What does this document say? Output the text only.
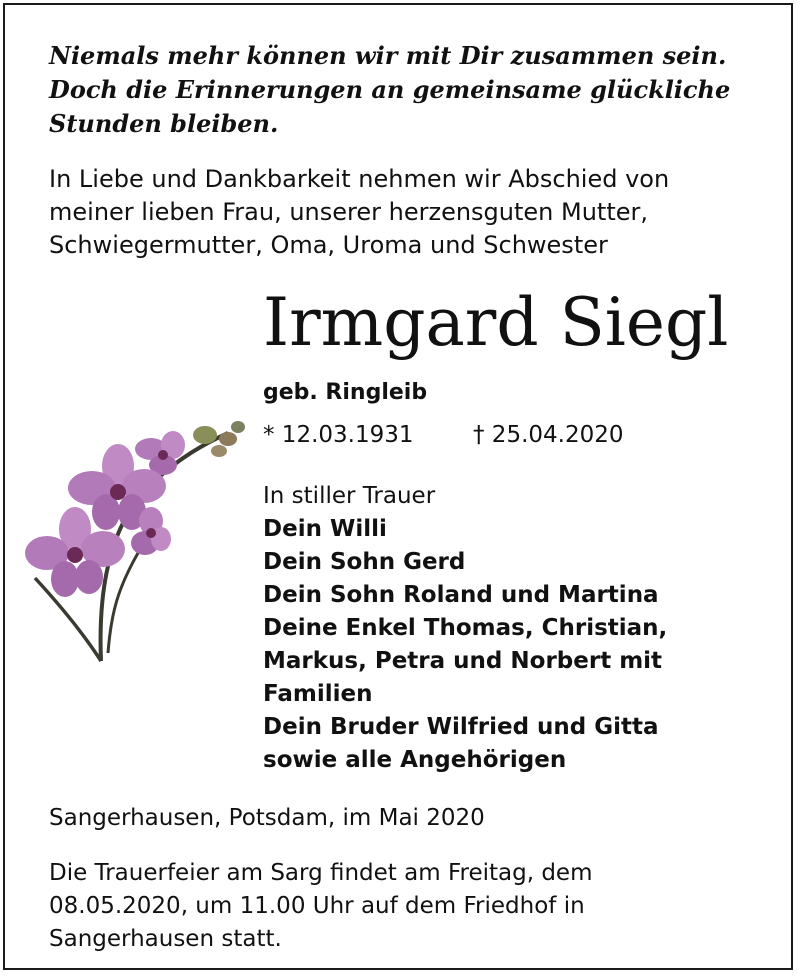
Niemals mehr können wir mit Dir zusammen sein.
Doch die Erinnerungen an gemeinsame glückliche
Stunden bleiben.
In Liebe und Dankbarkeit nehmen wir Abschied von
meiner lieben Frau, unserer herzensguten Mutter,
Schwiegermutter, Oma, Uroma und Schwester
Irmgard Siegl
geb. Ringleib
* 12.03.1931	† 25.04.2020
In stiller Trauer
Dein Willi
Dein Sohn Gerd
Dein Sohn Roland und Martina
Deine Enkel Thomas, Christian,
Markus, Petra und Norbert mit
Familien
Dein Bruder Wilfried und Gitta
sowie alle Angehörigen
Sangerhausen, Potsdam, im Mai 2020
Die Trauerfeier am Sarg findet am Freitag, dem
08.05.2020, um 11.00 Uhr auf dem Friedhof in
Sangerhausen statt.
